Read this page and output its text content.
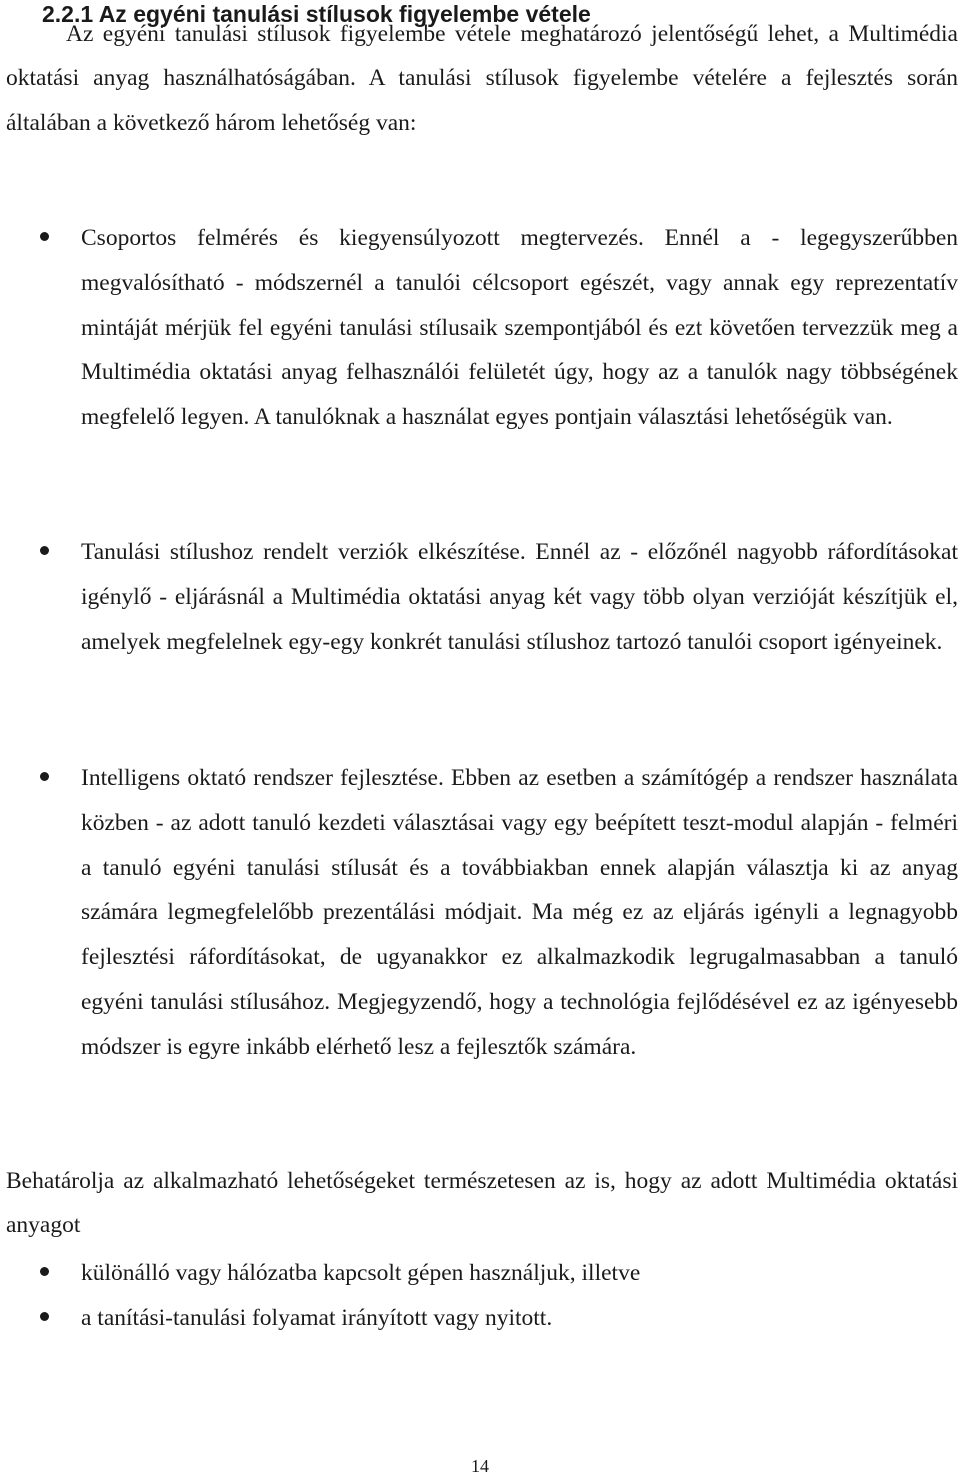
2.2.1 Az egyéni tanulási stílusok figyelembe vétele

Az egyéni tanulási stílusok figyelembe vétele meghatározó jelentőségű lehet, a Multimédia oktatási anyag használhatóságában. A tanulási stílusok figyelembe vételére a fejlesztés során általában a következő három lehetőség van:

Csoportos felmérés és kiegyensúlyozott megtervezés. Ennél a - legegyszerűbben megvalósítható - módszernél a tanulói célcsoport egészét, vagy annak egy reprezentatív mintáját mérjük fel egyéni tanulási stílusaik szempontjából és ezt követően tervezzük meg a Multimédia oktatási anyag felhasználói felületét úgy, hogy az a tanulók nagy többségének megfelelő legyen. A tanulóknak a használat egyes pontjain választási lehetőségük van.

Tanulási stílushoz rendelt verziók elkészítése. Ennél az - előzőnél nagyobb ráfordításokat igénylő - eljárásnál a Multimédia oktatási anyag két vagy több olyan verzióját készítjük el, amelyek megfelelnek egy-egy konkrét tanulási stílushoz tartozó tanulói csoport igényeinek.

Intelligens oktató rendszer fejlesztése. Ebben az esetben a számítógép a rendszer használata közben - az adott tanuló kezdeti választásai vagy egy beépített teszt-modul alapján - felméri a tanuló egyéni tanulási stílusát és a továbbiakban ennek alapján választja ki az anyag számára legmegfelelőbb prezentálási módjait. Ma még ez az eljárás igényli a legnagyobb fejlesztési ráfordításokat, de ugyanakkor ez alkalmazkodik legrugalmasabban a tanuló egyéni tanulási stílusához. Megjegyzendő, hogy a technológia fejlődésével ez az igényesebb módszer is egyre inkább elérhető lesz a fejlesztők számára.

Behatárolja az alkalmazható lehetőségeket természetesen az is, hogy az adott Multimédia oktatási anyagot

különálló vagy hálózatba kapcsolt gépen használjuk, illetve

a tanítási-tanulási folyamat irányított vagy nyitott.

14
